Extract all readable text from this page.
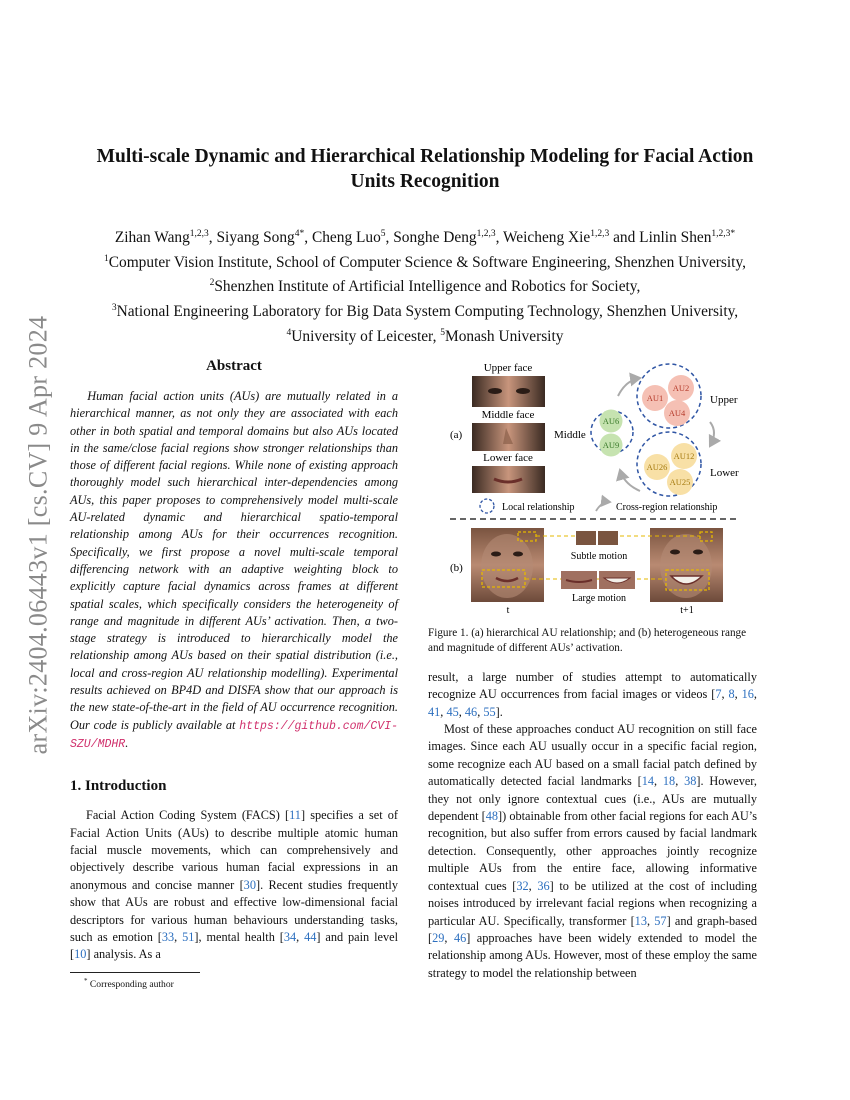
arXiv:2404.06443v1 [cs.CV] 9 Apr 2024
Multi-scale Dynamic and Hierarchical Relationship Modeling for Facial Action
Units Recognition
Zihan Wang$^{1,2,3}$, Siyang Song$^{4*}$, Cheng Luo$^5$, Songhe Deng$^{1,2,3}$, Weicheng Xie$^{1,2,3}$ and Linlin Shen$^{1,2,3*}$
$^1$Computer Vision Institute, School of Computer Science & Software Engineering, Shenzhen University,
$^2$Shenzhen Institute of Artificial Intelligence and Robotics for Society,
$^3$National Engineering Laboratory for Big Data System Computing Technology, Shenzhen University,
$^4$University of Leicester, $^5$Monash University
Abstract

Human facial action units (AUs) are mutually related in a hierarchical manner, as not only they are associated with each other in both spatial and temporal domains but also AUs located in the same/close facial regions show stronger relationships than those of different facial regions. While none of existing approach thoroughly model such hierarchical inter-dependencies among AUs, this paper proposes to comprehensively model multi-scale AU-related dynamic and hierarchical spatio-temporal relationship among AUs for their occurrences recognition. Specifically, we first propose a novel multi-scale temporal differencing network with an adaptive weighting block to explicitly capture facial dynamics across frames at different spatial scales, which specifically considers the heterogeneity of range and magnitude in different AUs’ activation. Then, a two-stage strategy is introduced to hierarchically model the relationship among AUs based on their spatial distribution (i.e., local and cross-region AU relationship modelling). Experimental results achieved on BP4D and DISFA show that our approach is the new state-of-the-art in the field of AU occurrence recognition. Our code is publicly available at https://github.com/CVI-SZU/MDHR.

1. Introduction

Facial Action Coding System (FACS) [11] specifies a set of Facial Action Units (AUs) to describe multiple atomic human facial muscle movements, which can comprehensively and objectively describe various human facial expressions in an anonymous and concise manner [30]. Recent studies frequently show that AUs are robust and effective low-dimensional facial descriptors for various human behaviours understanding tasks, such as emotion [33, 51], mental health [34, 44] and pain level [10] analysis. As a

* Corresponding author
Upper face
Middle face
Lower face
(a)
AU1
AU2
AU4
AU6
AU9
AU12
AU26
AU25
Upper
Middle
Lower
Local relationship	Cross-region relationship
(b)
Subtle motion
Large motion
t	t+1
Figure 1. (a) hierarchical AU relationship; and (b) heterogeneous range and magnitude of different AUs’ activation.

result, a large number of studies attempt to automatically recognize AU occurrences from facial images or videos [7, 8, 16, 41, 45, 46, 55].

Most of these approaches conduct AU recognition on still face images. Since each AU usually occur in a specific facial region, some recognize each AU based on a small facial patch defined by automatically detected facial landmarks [14, 18, 38]. However, they not only ignore contextual cues (i.e., AUs are mutually dependent [48]) obtainable from other facial regions for each AU’s recognition, but also suffer from errors caused by facial landmark detection. Consequently, other approaches jointly recognize multiple AUs from the entire face, allowing informative contextual cues [32, 36] to be utilized at the cost of including noises introduced by irrelevant facial regions when recognizing a particular AU. Specifically, transformer [13, 57] and graph-based [29, 46] approaches have been widely extended to model the relationship among AUs. However, most of these employ the same strategy to model the relationship between
